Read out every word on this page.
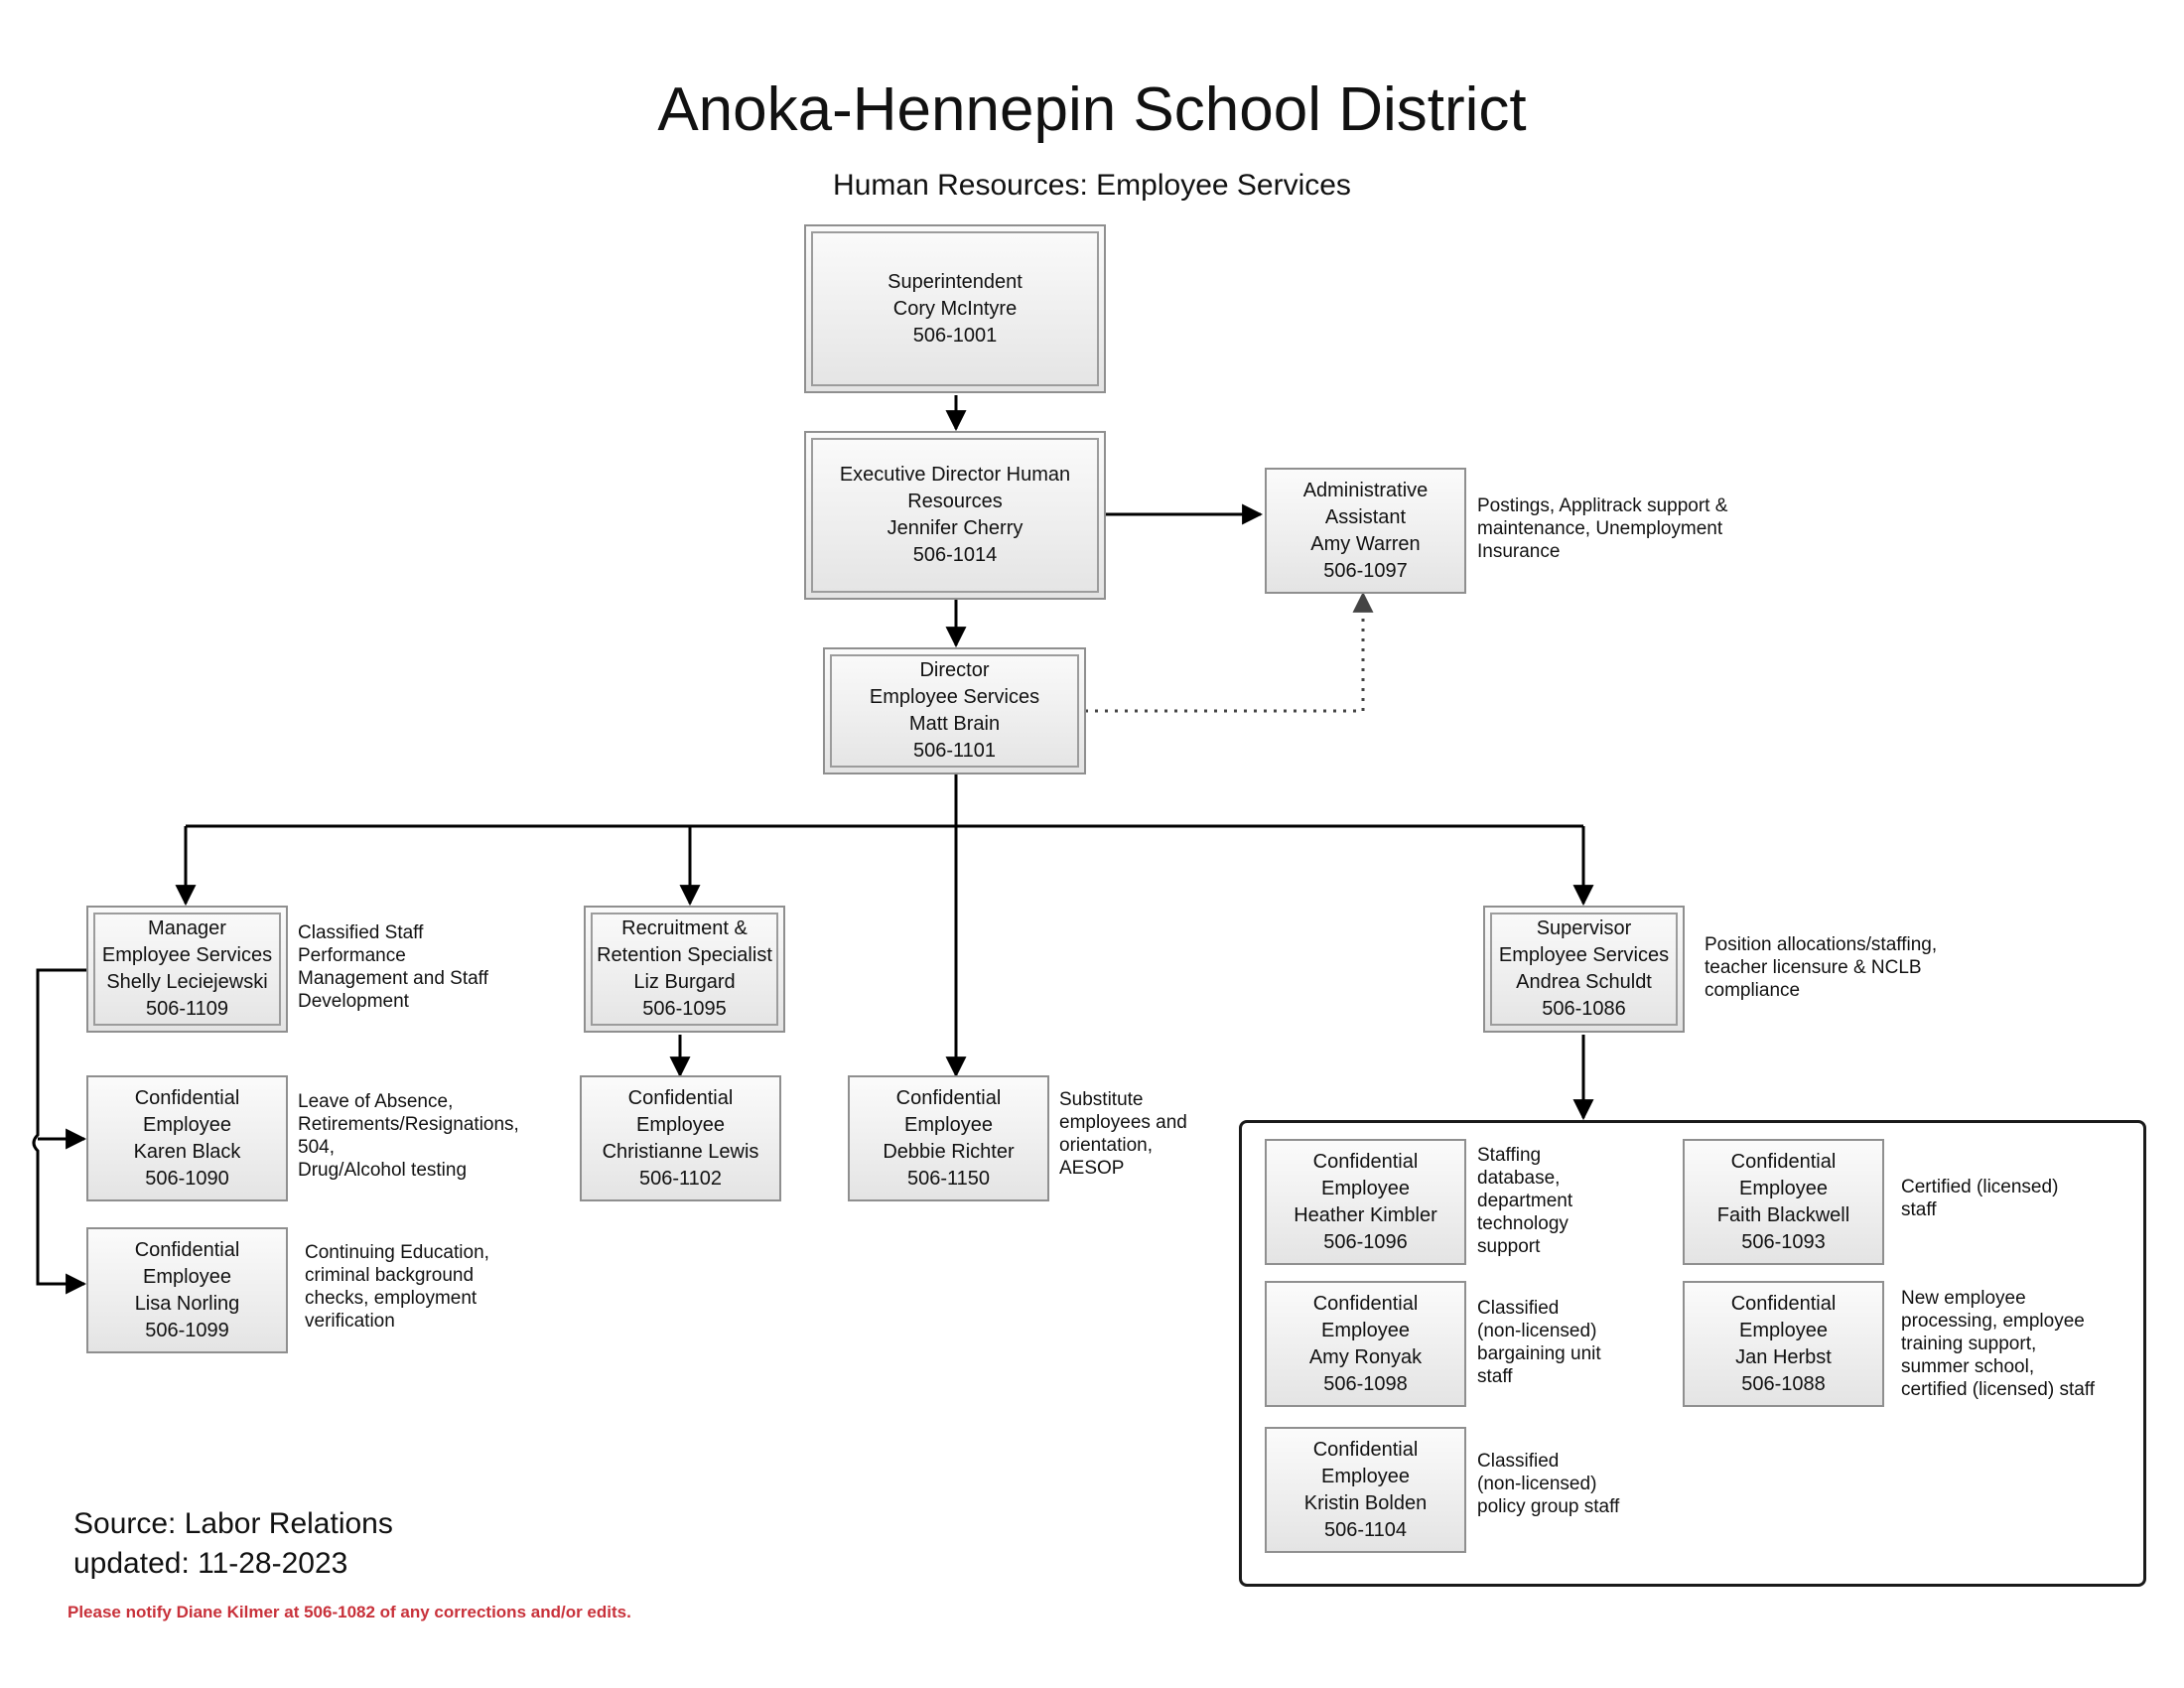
Anoka-Hennepin School District
Human Resources: Employee Services
Superintendent
Cory McIntyre
506-1001
Executive Director Human
Resources
Jennifer Cherry
506-1014
Administrative
Assistant
Amy Warren
506-1097
Postings, Applitrack support &
maintenance, Unemployment
Insurance
Director
Employee Services
Matt Brain
506-1101
Manager
Employee Services
Shelly Leciejewski
506-1109
Classified Staff
Performance
Management and Staff
Development
Recruitment &
Retention Specialist
Liz Burgard
506-1095
Supervisor
Employee Services
Andrea Schuldt
506-1086
Position allocations/staffing,
teacher licensure & NCLB
compliance
Confidential
Employee
Karen Black
506-1090
Leave of Absence,
Retirements/Resignations,
504,
Drug/Alcohol testing
Confidential
Employee
Lisa Norling
506-1099
Continuing Education,
criminal background
checks, employment
verification
Confidential
Employee
Christianne Lewis
506-1102
Confidential
Employee
Debbie Richter
506-1150
Substitute
employees and
orientation,
AESOP	Confidential
Employee
Heather Kimbler
506-1096
Staffing
database,
department
technology
support
Confidential
Employee
Amy Ronyak
506-1098
Classified
(non-licensed)
bargaining unit
staff
Confidential
Employee
Kristin Bolden
506-1104
Classified
(non-licensed)
policy group staff
Confidential
Employee
Faith Blackwell
506-1093
Certified (licensed)
staff
Confidential
Employee
Jan Herbst
506-1088
New employee
processing, employee
training support,
summer school,
certified (licensed) staff
Source: Labor Relations
updated: 11-28-2023
Please notify Diane Kilmer at 506-1082 of any corrections and/or edits.
